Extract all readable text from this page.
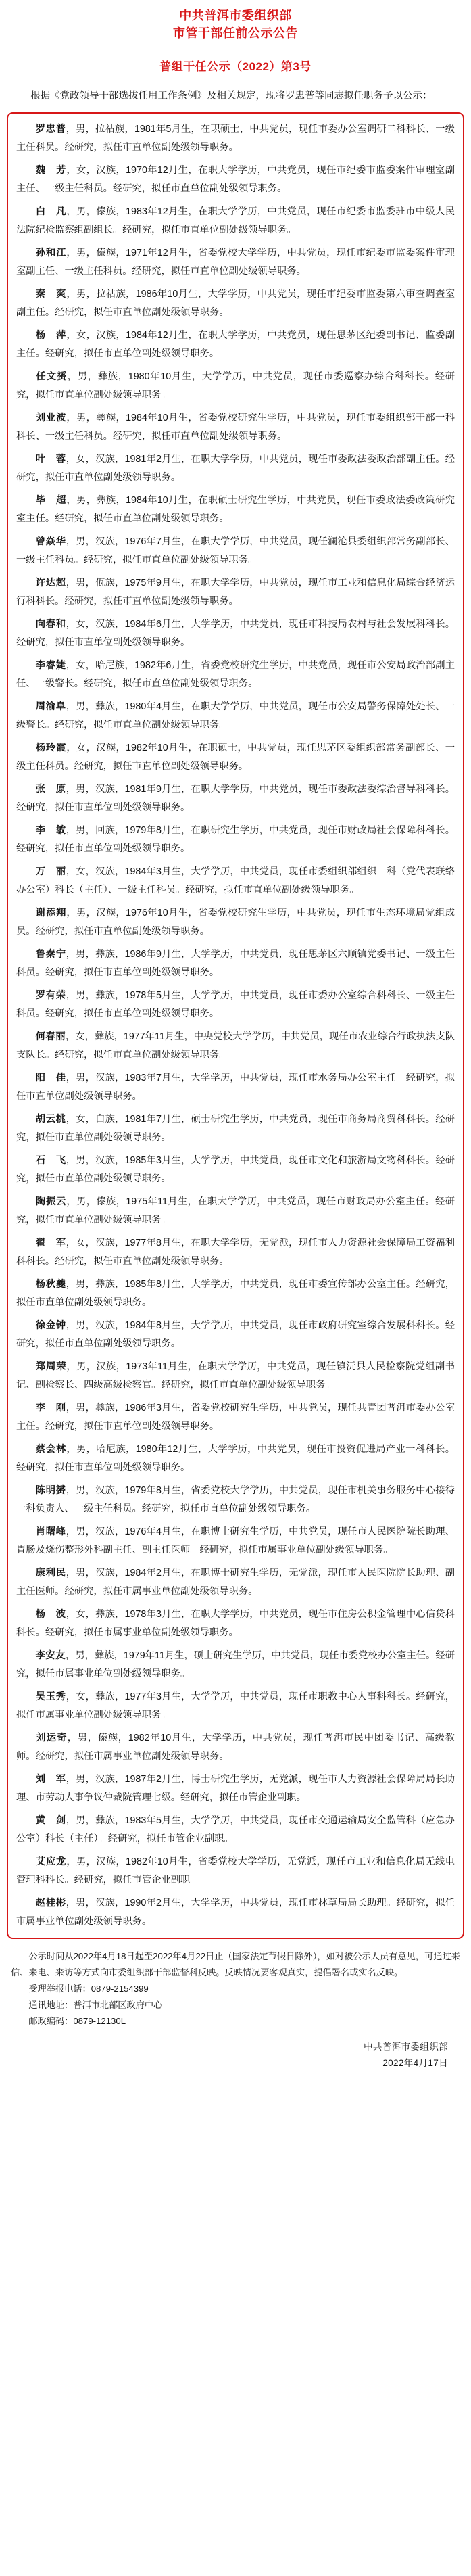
中共普洱市委组织部
市管干部任前公示公告
普组干任公示（2022）第3号
根据《党政领导干部选拔任用工作条例》及相关规定，现将罗忠普等同志拟任职务予以公示：

罗忠普，男，拉祜族，1981年5月生，在职硕士，中共党员，现任市委办公室调研二科科长、一级主任科员。经研究，拟任市直单位副处级领导职务。

魏　芳，女，汉族，1970年12月生，在职大学学历，中共党员，现任市纪委市监委案件审理室副主任、一级主任科员。经研究，拟任市直单位副处级领导职务。

白　凡，男，傣族，1983年12月生，在职大学学历，中共党员，现任市纪委市监委驻市中级人民法院纪检监察组副组长。经研究，拟任市直单位副处级领导职务。

孙和江，男，傣族，1971年12月生，省委党校大学学历，中共党员，现任市纪委市监委案件审理室副主任、一级主任科员。经研究，拟任市直单位副处级领导职务。

秦　爽，男，拉祜族，1986年10月生，大学学历，中共党员，现任市纪委市监委第六审查调查室副主任。经研究，拟任市直单位副处级领导职务。

杨　萍，女，汉族，1984年12月生，在职大学学历，中共党员，现任思茅区纪委副书记、监委副主任。经研究，拟任市直单位副处级领导职务。

任文赟，男，彝族，1980年10月生，大学学历，中共党员，现任市委巡察办综合科科长。经研究，拟任市直单位副处级领导职务。

刘业波，男，彝族，1984年10月生，省委党校研究生学历，中共党员，现任市委组织部干部一科科长、一级主任科员。经研究，拟任市直单位副处级领导职务。

叶　蓉，女，汉族，1981年2月生，在职大学学历，中共党员，现任市委政法委政治部副主任。经研究，拟任市直单位副处级领导职务。

毕　超，男，彝族，1984年10月生，在职硕士研究生学历，中共党员，现任市委政法委政策研究室主任。经研究，拟任市直单位副处级领导职务。

曾焱华，男，汉族，1976年7月生，在职大学学历，中共党员，现任澜沧县委组织部常务副部长、一级主任科员。经研究，拟任市直单位副处级领导职务。

许达超，男，佤族，1975年9月生，在职大学学历，中共党员，现任市工业和信息化局综合经济运行科科长。经研究，拟任市直单位副处级领导职务。

向春和，女，汉族，1984年6月生，大学学历，中共党员，现任市科技局农村与社会发展科科长。经研究，拟任市直单位副处级领导职务。

李睿婕，女，哈尼族，1982年6月生，省委党校研究生学历，中共党员，现任市公安局政治部副主任、一级警长。经研究，拟任市直单位副处级领导职务。

周渝阜，男，彝族，1980年4月生，在职大学学历，中共党员，现任市公安局警务保障处处长、一级警长。经研究，拟任市直单位副处级领导职务。

杨玲霞，女，汉族，1982年10月生，在职硕士，中共党员，现任思茅区委组织部常务副部长、一级主任科员。经研究，拟任市直单位副处级领导职务。

张　原，男，汉族，1981年9月生，在职大学学历，中共党员，现任市委政法委综治督导科科长。经研究，拟任市直单位副处级领导职务。

李　敏，男，回族，1979年8月生，在职研究生学历，中共党员，现任市财政局社会保障科科长。经研究，拟任市直单位副处级领导职务。

万　丽，女，汉族，1984年3月生，大学学历，中共党员，现任市委组织部组织一科（党代表联络办公室）科长（主任）、一级主任科员。经研究，拟任市直单位副处级领导职务。

谢添翔，男，汉族，1976年10月生，省委党校研究生学历，中共党员，现任市生态环境局党组成员。经研究，拟任市直单位副处级领导职务。

鲁秦宁，男，彝族，1986年9月生，大学学历，中共党员，现任思茅区六顺镇党委书记、一级主任科员。经研究，拟任市直单位副处级领导职务。

罗有荣，男，彝族，1978年5月生，大学学历，中共党员，现任市委办公室综合科科长、一级主任科员。经研究，拟任市直单位副处级领导职务。

何春丽，女，彝族，1977年11月生，中央党校大学学历，中共党员，现任市农业综合行政执法支队支队长。经研究，拟任市直单位副处级领导职务。

阳　佳，男，汉族，1983年7月生，大学学历，中共党员，现任市水务局办公室主任。经研究，拟任市直单位副处级领导职务。

胡云桃，女，白族，1981年7月生，硕士研究生学历，中共党员，现任市商务局商贸科科长。经研究，拟任市直单位副处级领导职务。

石　飞，男，汉族，1985年3月生，大学学历，中共党员，现任市文化和旅游局文物科科长。经研究，拟任市直单位副处级领导职务。

陶振云，男，傣族，1975年11月生，在职大学学历，中共党员，现任市财政局办公室主任。经研究，拟任市直单位副处级领导职务。

翟　军，女，汉族，1977年8月生，在职大学学历，无党派，现任市人力资源社会保障局工资福利科科长。经研究，拟任市直单位副处级领导职务。

杨秋夔，男，彝族，1985年8月生，大学学历，中共党员，现任市委宣传部办公室主任。经研究，拟任市直单位副处级领导职务。

徐金钟，男，汉族，1984年8月生，大学学历，中共党员，现任市政府研究室综合发展科科长。经研究，拟任市直单位副处级领导职务。

郑周荣，男，汉族，1973年11月生，在职大学学历，中共党员，现任镇沅县人民检察院党组副书记、副检察长、四级高级检察官。经研究，拟任市直单位副处级领导职务。

李　刚，男，彝族，1986年3月生，省委党校研究生学历，中共党员，现任共青团普洱市委办公室主任。经研究，拟任市直单位副处级领导职务。

蔡会林，男，哈尼族，1980年12月生，大学学历，中共党员，现任市投资促进局产业一科科长。经研究，拟任市直单位副处级领导职务。

陈明赟，男，汉族，1979年8月生，省委党校大学学历，中共党员，现任市机关事务服务中心接待一科负责人、一级主任科员。经研究，拟任市直单位副处级领导职务。

肖曙峰，男，汉族，1976年4月生，在职博士研究生学历，中共党员，现任市人民医院院长助理、胃肠及烧伤整形外科副主任、副主任医师。经研究，拟任市属事业单位副处级领导职务。

康利民，男，汉族，1984年2月生，在职博士研究生学历，无党派，现任市人民医院院长助理、副主任医师。经研究，拟任市属事业单位副处级领导职务。

杨　波，女，彝族，1978年3月生，在职大学学历，中共党员，现任市住房公积金管理中心信贷科科长。经研究，拟任市属事业单位副处级领导职务。

李安友，男，彝族，1979年11月生，硕士研究生学历，中共党员，现任市委党校办公室主任。经研究，拟任市属事业单位副处级领导职务。

吴玉秀，女，彝族，1977年3月生，大学学历，中共党员，现任市职教中心人事科科长。经研究，拟任市属事业单位副处级领导职务。

刘运奇，男，傣族，1982年10月生，大学学历，中共党员，现任普洱市民中团委书记、高级教师。经研究，拟任市属事业单位副处级领导职务。

刘　军，男，汉族，1987年2月生，博士研究生学历，无党派，现任市人力资源社会保障局局长助理、市劳动人事争议仲裁院管理七级。经研究，拟任市管企业副职。

黄　剑，男，彝族，1983年5月生，大学学历，中共党员，现任市交通运输局安全监管科（应急办公室）科长（主任）。经研究，拟任市管企业副职。

艾应龙，男，汉族，1982年10月生，省委党校大学学历，无党派，现任市工业和信息化局无线电管理科科长。经研究，拟任市管企业副职。

赵桂彬，男，汉族，1990年2月生，大学学历，中共党员，现任市林草局局长助理。经研究，拟任市属事业单位副处级领导职务。

公示时间从2022年4月18日起至2022年4月22日止（国家法定节假日除外），如对被公示人员有意见，可通过来信、来电、来访等方式向市委组织部干部监督科反映。反映情况要客观真实，提倡署名或实名反映。

受理举报电话：0879-2154399

通讯地址：普洱市北部区政府中心

邮政编码：0879-12130L

中共普洱市委组织部
2022年4月17日
